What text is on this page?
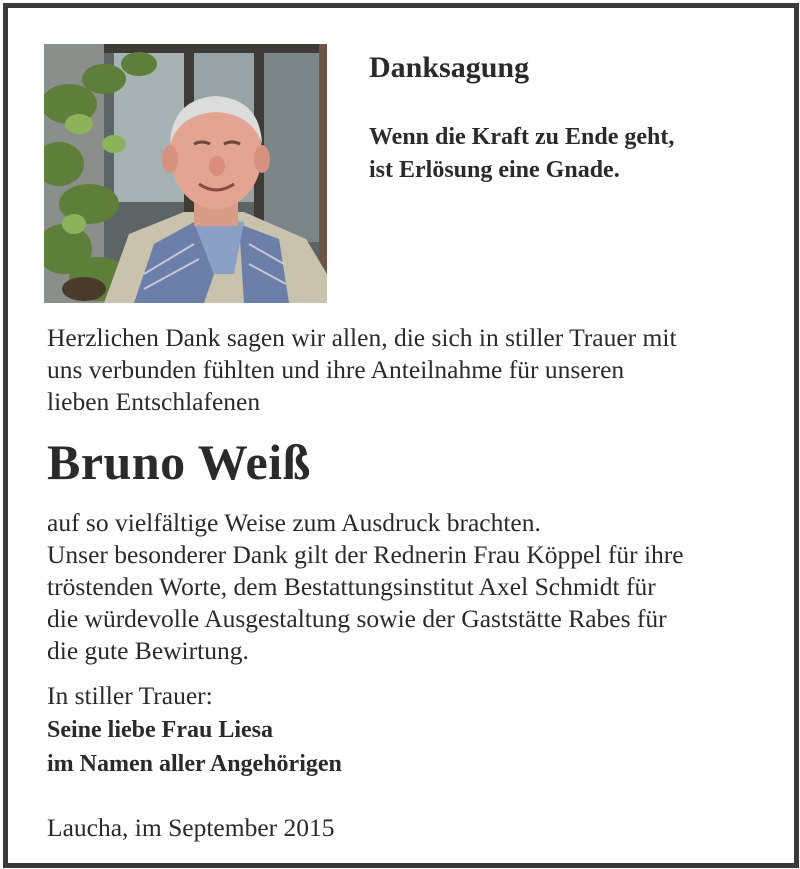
Danksagung
Wenn die Kraft zu Ende geht,
ist Erlösung eine Gnade.
Herzlichen Dank sagen wir allen, die sich in stiller Trauer mit
uns verbunden fühlten und ihre Anteilnahme für unseren
lieben Entschlafenen
Bruno Weiß
auf so vielfältige Weise zum Ausdruck brachten.
Unser besonderer Dank gilt der Rednerin Frau Köppel für ihre
tröstenden Worte, dem Bestattungsinstitut Axel Schmidt für
die würdevolle Ausgestaltung sowie der Gaststätte Rabes für
die gute Bewirtung.
In stiller Trauer:
Seine liebe Frau Liesa
im Namen aller Angehörigen
Laucha, im September 2015
